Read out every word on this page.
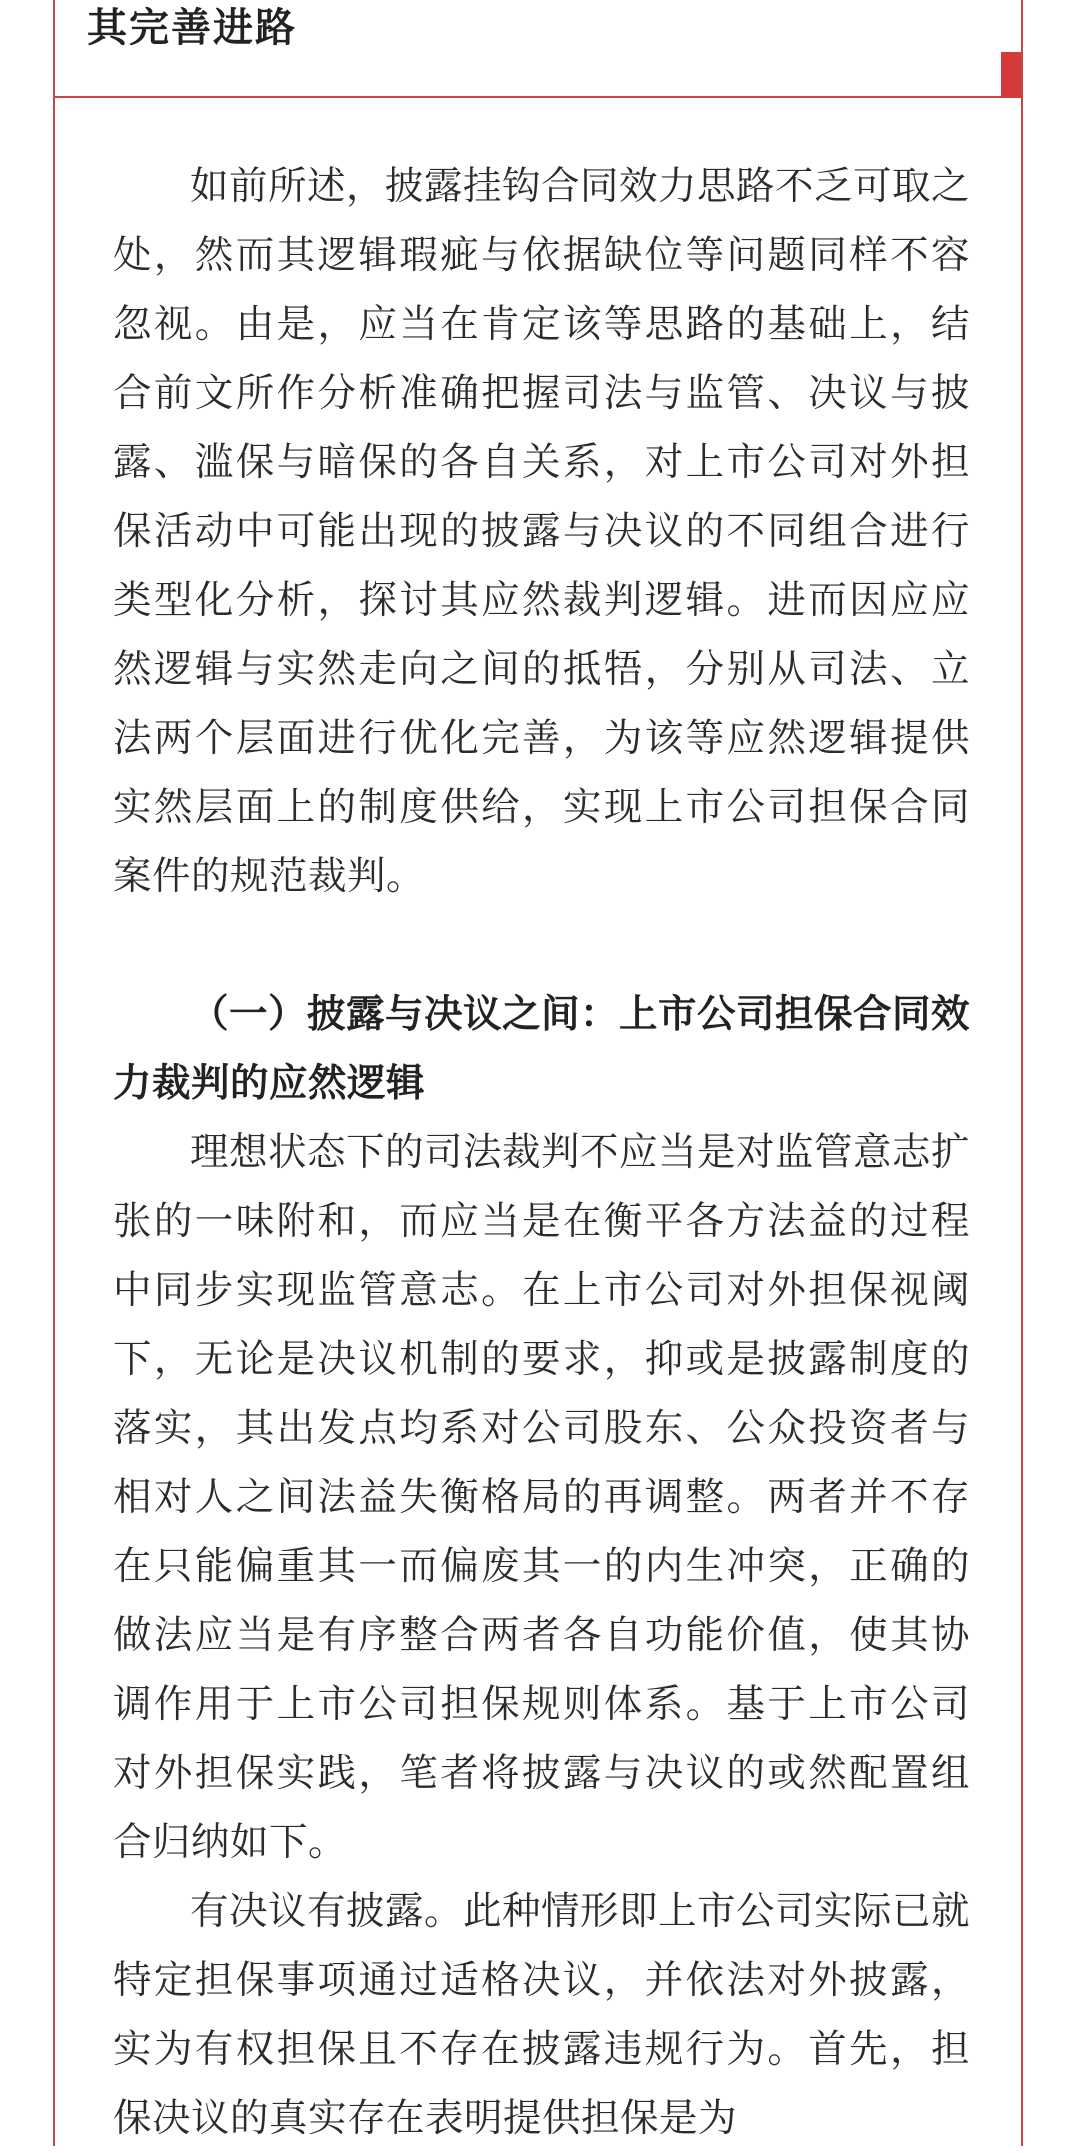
其完善进路

如前所述，披露挂钩合同效力思路不乏可取之处，然而其逻辑瑕疵与依据缺位等问题同样不容忽视。由是，应当在肯定该等思路的基础上，结合前文所作分析准确把握司法与监管、决议与披露、滥保与暗保的各自关系，对上市公司对外担保活动中可能出现的披露与决议的不同组合进行类型化分析，探讨其应然裁判逻辑。进而因应应然逻辑与实然走向之间的抵牾，分别从司法、立法两个层面进行优化完善，为该等应然逻辑提供实然层面上的制度供给，实现上市公司担保合同案件的规范裁判。

（一）披露与决议之间：上市公司担保合同效力裁判的应然逻辑

理想状态下的司法裁判不应当是对监管意志扩张的一味附和，而应当是在衡平各方法益的过程中同步实现监管意志。在上市公司对外担保视阈下，无论是决议机制的要求，抑或是披露制度的落实，其出发点均系对公司股东、公众投资者与相对人之间法益失衡格局的再调整。两者并不存在只能偏重其一而偏废其一的内生冲突，正确的做法应当是有序整合两者各自功能价值，使其协调作用于上市公司担保规则体系。基于上市公司对外担保实践，笔者将披露与决议的或然配置组合归纳如下。

有决议有披露。此种情形即上市公司实际已就特定担保事项通过适格决议，并依法对外披露，实为有权担保且不存在披露违规行为。首先，担保决议的真实存在表明提供担保是为
